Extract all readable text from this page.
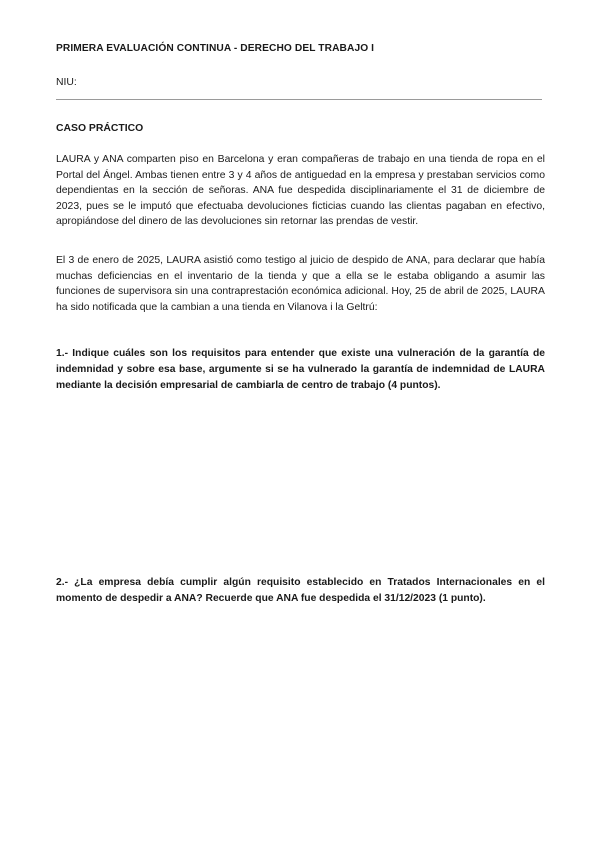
PRIMERA EVALUACIÓN CONTINUA - DERECHO DEL TRABAJO I
NIU:
CASO PRÁCTICO

LAURA y ANA comparten piso en Barcelona y eran compañeras de trabajo en una tienda de ropa en el Portal del Ángel. Ambas tienen entre 3 y 4 años de antiguedad en la empresa y prestaban servicios como dependientas en la sección de señoras. ANA fue despedida disciplinariamente el 31 de diciembre de 2023, pues se le imputó que efectuaba devoluciones ficticias cuando las clientas pagaban en efectivo, apropiándose del dinero de las devoluciones sin retornar las prendas de vestir.

El 3 de enero de 2025, LAURA asistió como testigo al juicio de despido de ANA, para declarar que había muchas deficiencias en el inventario de la tienda y que a ella se le estaba obligando a asumir las funciones de supervisora sin una contraprestación económica adicional. Hoy, 25 de abril de 2025, LAURA ha sido notificada que la cambian a una tienda en Vilanova i la Geltrú:

1.- Indique cuáles son los requisitos para entender que existe una vulneración de la garantía de indemnidad y sobre esa base, argumente si se ha vulnerado la garantía de indemnidad de LAURA mediante la decisión empresarial de cambiarla de centro de trabajo (4 puntos).

2.- ¿La empresa debía cumplir algún requisito establecido en Tratados Internacionales en el momento de despedir a ANA? Recuerde que ANA fue despedida el 31/12/2023 (1 punto).
